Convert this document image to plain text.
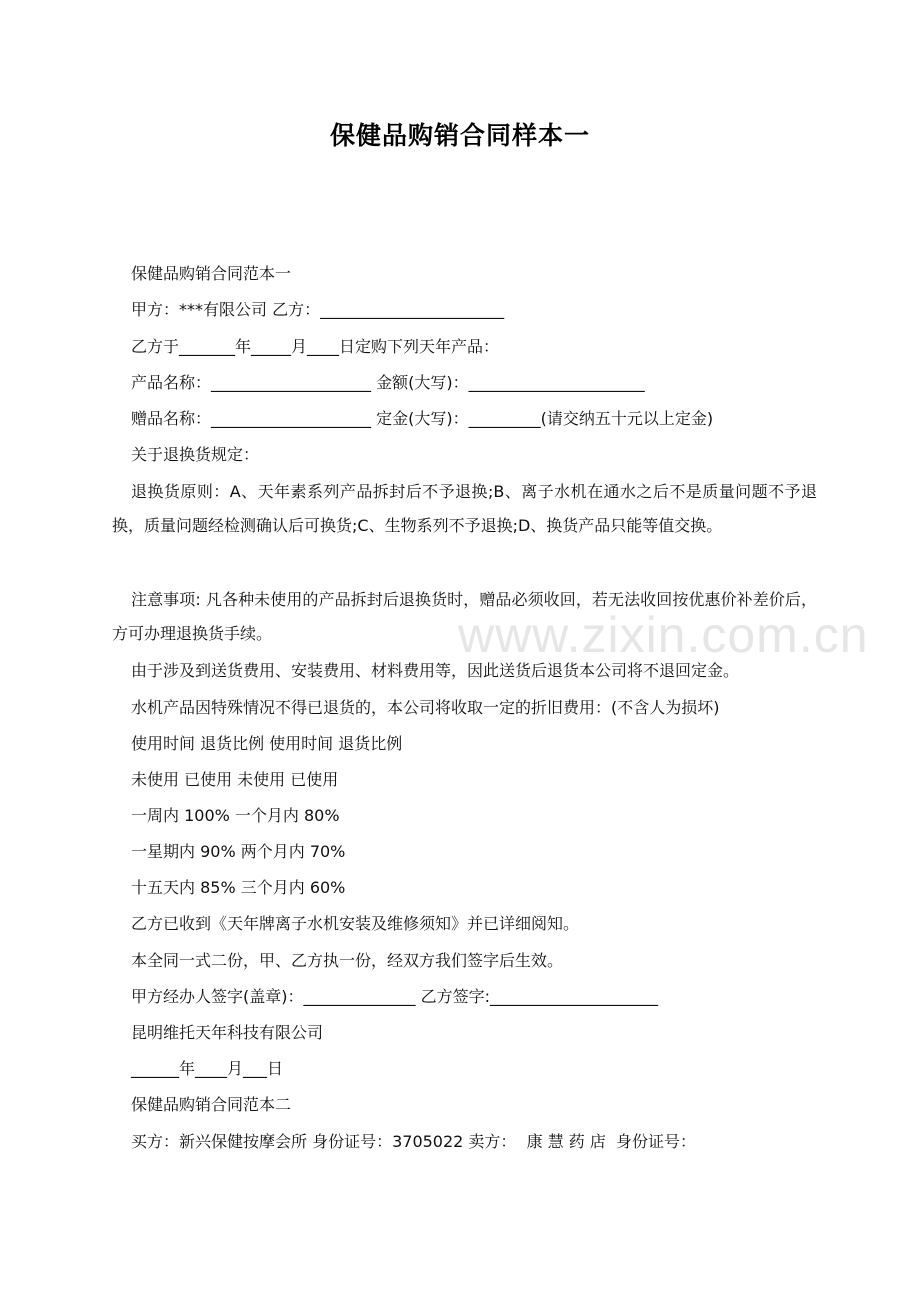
www.zixin.com.cn
保健品购销合同样本一
保健品购销合同范本一
甲方：***有限公司 乙方：_______________________
乙方于_______年_____月____日定购下列天年产品：
产品名称：____________________ 金额(大写)：______________________
赠品名称：____________________ 定金(大写)：_________(请交纳五十元以上定金)
关于退换货规定：
退换货原则：A、天年素系列产品拆封后不予退换;B、离子水机在通水之后不是质量问题不予退换，质量问题经检测确认后可换货;C、生物系列不予退换;D、换货产品只能等值交换。
注意事项: 凡各种未使用的产品拆封后退换货时，赠品必须收回，若无法收回按优惠价补差价后，方可办理退换货手续。
由于涉及到送货费用、安装费用、材料费用等，因此送货后退货本公司将不退回定金。
水机产品因特殊情况不得已退货的，本公司将收取一定的折旧费用：(不含人为损坏)
使用时间 退货比例 使用时间 退货比例
未使用 已使用 未使用 已使用
一周内 100% 一个月内 80%
一星期内 90% 两个月内 70%
十五天内 85% 三个月内 60%
乙方已收到《天年牌离子水机安装及维修须知》并已详细阅知。
本全同一式二份，甲、乙方执一份，经双方我们签字后生效。
甲方经办人签字(盖章)：______________ 乙方签字:_____________________
昆明维托天年科技有限公司
______年____月___日
保健品购销合同范本二
买方：新兴保健按摩会所 身份证号：3705022 卖方：  康 慧 药 店  身份证号：
